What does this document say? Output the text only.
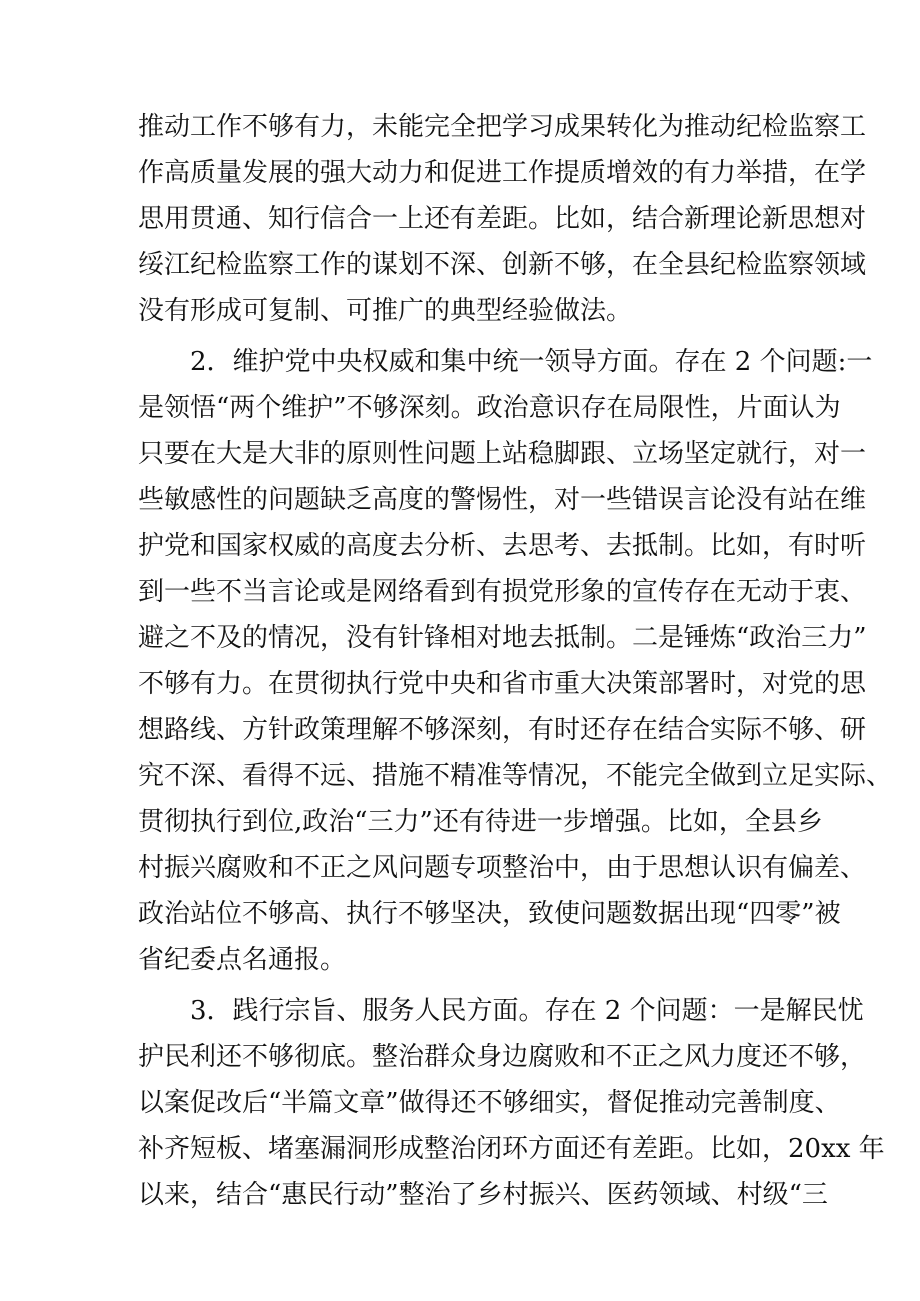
推动工作不够有力，未能完全把学习成果转化为推动纪检监察工
作高质量发展的强大动力和促进工作提质增效的有力举措，在学
思用贯通、知行信合一上还有差距。比如，结合新理论新思想对
绥江纪检监察工作的谋划不深、创新不够，在全县纪检监察领域
没有形成可复制、可推广的典型经验做法。
　　2．维护党中央权威和集中统一领导方面。存在 2 个问题:一
是领悟“两个维护”不够深刻。政治意识存在局限性，片面认为
只要在大是大非的原则性问题上站稳脚跟、立场坚定就行，对一
些敏感性的问题缺乏高度的警惕性，对一些错误言论没有站在维
护党和国家权威的高度去分析、去思考、去抵制。比如，有时听
到一些不当言论或是网络看到有损党形象的宣传存在无动于衷、
避之不及的情况，没有针锋相对地去抵制。二是锤炼“政治三力”
不够有力。在贯彻执行党中央和省市重大决策部署时，对党的思
想路线、方针政策理解不够深刻，有时还存在结合实际不够、研
究不深、看得不远、措施不精准等情况，不能完全做到立足实际、
贯彻执行到位,政治“三力”还有待进一步增强。比如，全县乡
村振兴腐败和不正之风问题专项整治中，由于思想认识有偏差、
政治站位不够高、执行不够坚决，致使问题数据出现“四零”被
省纪委点名通报。
　　3．践行宗旨、服务人民方面。存在 2 个问题：一是解民忧
护民利还不够彻底。整治群众身边腐败和不正之风力度还不够，
以案促改后“半篇文章”做得还不够细实，督促推动完善制度、
补齐短板、堵塞漏洞形成整治闭环方面还有差距。比如，20xx 年
以来，结合“惠民行动”整治了乡村振兴、医药领域、村级“三
